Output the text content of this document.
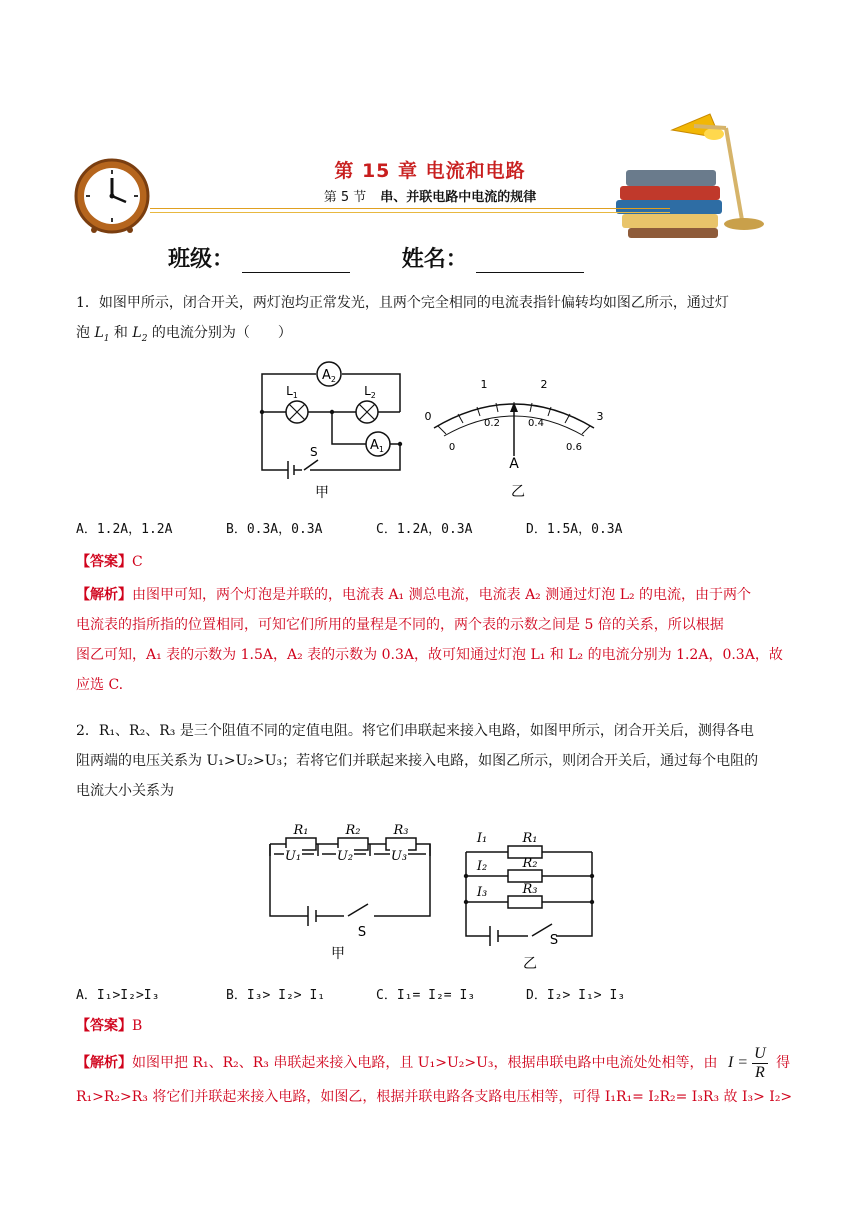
第 15 章 电流和电路
第 5 节 串、并联电路中电流的规律
班级：	姓名：
1．如图甲所示，闭合开关，两灯泡均正常发光，且两个完全相同的电流表指针偏转均如图乙所示，通过灯
泡 $L_1$ 和 $L_2$ 的电流分别为（　　）
$A_2$
$L_1$	$L_2$
$A_1$
S
甲
0
1	2
3
0
0.2	0.4
0.6
A
乙
A．1.2A，1.2A	B．0.3A，0.3A	C．1.2A，0.3A	D．1.5A，0.3A
【答案】C
【解析】由图甲可知，两个灯泡是并联的，电流表 A₁ 测总电流，电流表 A₂ 测通过灯泡 L₂ 的电流，由于两个
电流表的指所指的位置相同，可知它们所用的量程是不同的，两个表的示数之间是 5 倍的关系，所以根据
图乙可知，A₁ 表的示数为 1.5A，A₂ 表的示数为 0.3A，故可知通过灯泡 L₁ 和 L₂ 的电流分别为 1.2A，0.3A，故
应选 C.
2．R₁、R₂、R₃ 是三个阻值不同的定值电阻。将它们串联起来接入电路，如图甲所示，闭合开关后，测得各电
阻两端的电压关系为 U₁>U₂>U₃；若将它们并联起来接入电路，如图乙所示，则闭合开关后，通过每个电阻的
电流大小关系为
R₁	R₂	R₃
U₁	U₂	U₃
S
甲
R₁
R₂
R₃
I₁
I₂
I₃
S
乙
A．I₁>I₂>I₃	B．I₃> I₂> I₁	C．I₁= I₂= I₃	D．I₂> I₁> I₃
【答案】B
【解析】如图甲把 R₁、R₂、R₃ 串联起来接入电路，且 U₁>U₂>U₃，根据串联电路中电流处处相等，由 $I = \frac{U}{R}$ 得
R₁>R₂>R₃ 将它们并联起来接入电路，如图乙，根据并联电路各支路电压相等，可得 I₁R₁= I₂R₂= I₃R₃ 故 I₃> I₂>
